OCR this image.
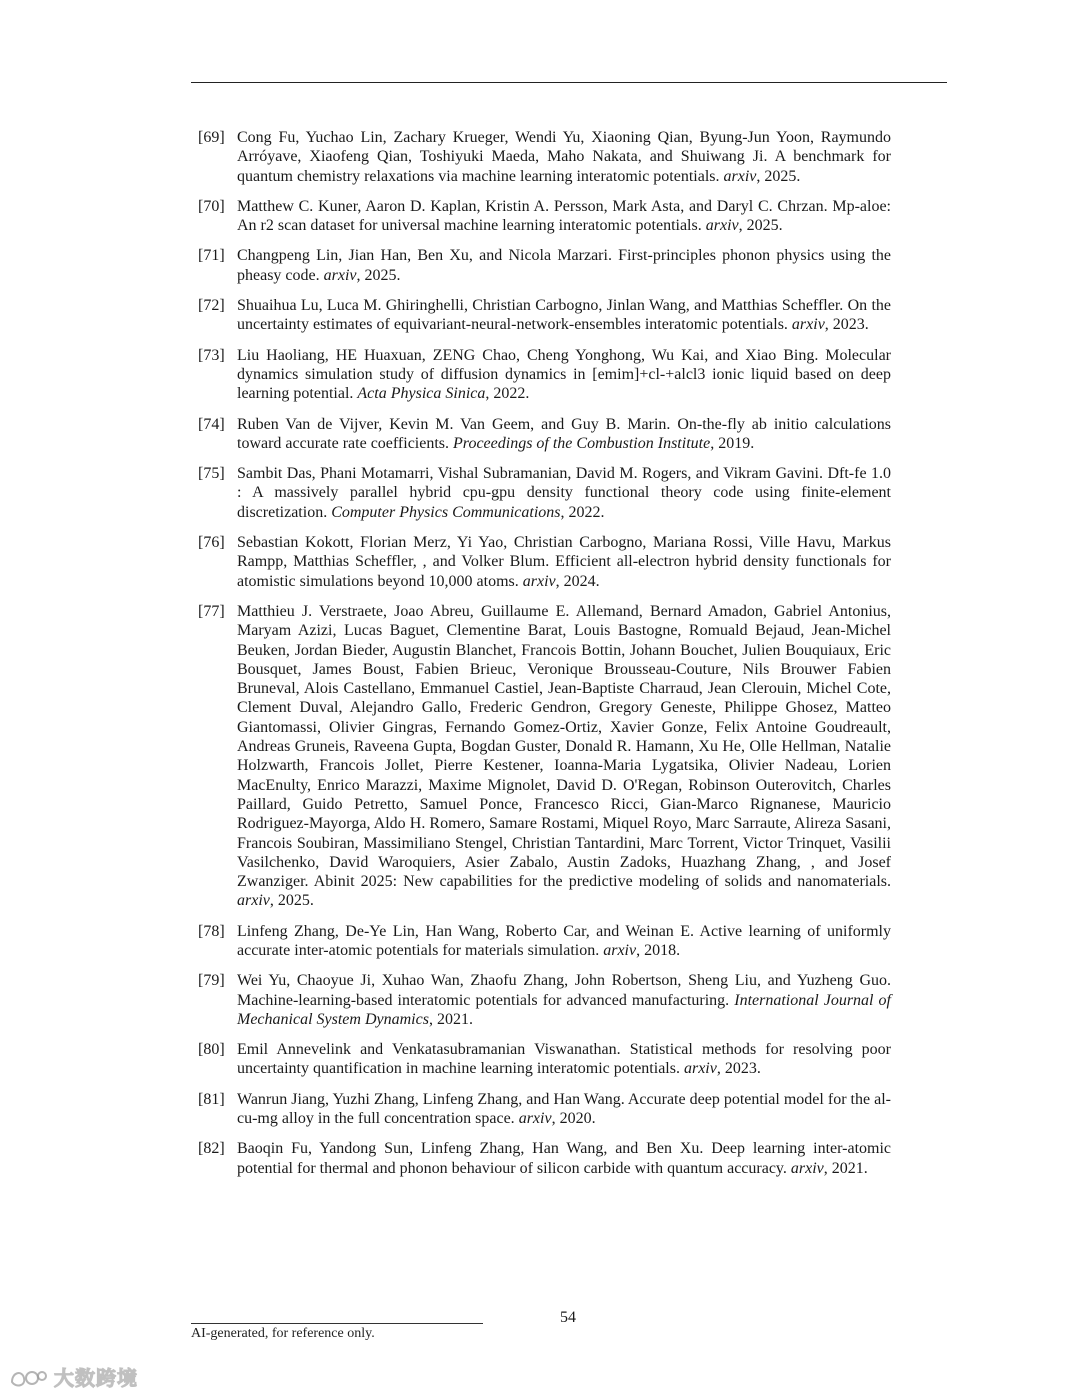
[69] Cong Fu, Yuchao Lin, Zachary Krueger, Wendi Yu, Xiaoning Qian, Byung-Jun Yoon, Raymundo Arróyave, Xiaofeng Qian, Toshiyuki Maeda, Maho Nakata, and Shuiwang Ji. A benchmark for quantum chemistry relaxations via machine learning interatomic potentials. arxiv, 2025.
[70] Matthew C. Kuner, Aaron D. Kaplan, Kristin A. Persson, Mark Asta, and Daryl C. Chrzan. Mp-aloe: An r2 scan dataset for universal machine learning interatomic potentials. arxiv, 2025.
[71] Changpeng Lin, Jian Han, Ben Xu, and Nicola Marzari. First-principles phonon physics using the pheasy code. arxiv, 2025.
[72] Shuaihua Lu, Luca M. Ghiringhelli, Christian Carbogno, Jinlan Wang, and Matthias Scheffler. On the uncertainty estimates of equivariant-neural-network-ensembles interatomic potentials. arxiv, 2023.
[73] Liu Haoliang, HE Huaxuan, ZENG Chao, Cheng Yonghong, Wu Kai, and Xiao Bing. Molecular dynamics simulation study of diffusion dynamics in [emim]+cl-+alcl3 ionic liquid based on deep learning potential. Acta Physica Sinica, 2022.
[74] Ruben Van de Vijver, Kevin M. Van Geem, and Guy B. Marin. On-the-fly ab initio calculations toward accurate rate coefficients. Proceedings of the Combustion Institute, 2019.
[75] Sambit Das, Phani Motamarri, Vishal Subramanian, David M. Rogers, and Vikram Gavini. Dft-fe 1.0 : A massively parallel hybrid cpu-gpu density functional theory code using finite-element discretization. Computer Physics Communications, 2022.
[76] Sebastian Kokott, Florian Merz, Yi Yao, Christian Carbogno, Mariana Rossi, Ville Havu, Markus Rampp, Matthias Scheffler, , and Volker Blum. Efficient all-electron hybrid density functionals for atomistic simulations beyond 10,000 atoms. arxiv, 2024.
[77] Matthieu J. Verstraete, Joao Abreu, Guillaume E. Allemand, Bernard Amadon, Gabriel Antonius, Maryam Azizi, Lucas Baguet, Clementine Barat, Louis Bastogne, Romuald Bejaud, Jean-Michel Beuken, Jordan Bieder, Augustin Blanchet, Francois Bottin, Johann Bouchet, Julien Bouquiaux, Eric Bousquet, James Boust, Fabien Brieuc, Veronique Brousseau-Couture, Nils Brouwer Fabien Bruneval, Alois Castellano, Emmanuel Castiel, Jean-Baptiste Charraud, Jean Clerouin, Michel Cote, Clement Duval, Alejandro Gallo, Frederic Gendron, Gregory Geneste, Philippe Ghosez, Matteo Giantomassi, Olivier Gingras, Fernando Gomez-Ortiz, Xavier Gonze, Felix Antoine Goudreault, Andreas Gruneis, Raveena Gupta, Bogdan Guster, Donald R. Hamann, Xu He, Olle Hellman, Natalie Holzwarth, Francois Jollet, Pierre Kestener, Ioanna-Maria Lygatsika, Olivier Nadeau, Lorien MacEnulty, Enrico Marazzi, Maxime Mignolet, David D. O'Regan, Robinson Outerovitch, Charles Paillard, Guido Petretto, Samuel Ponce, Francesco Ricci, Gian-Marco Rignanese, Mauricio Rodriguez-Mayorga, Aldo H. Romero, Samare Rostami, Miquel Royo, Marc Sarraute, Alireza Sasani, Francois Soubiran, Massimiliano Stengel, Christian Tantardini, Marc Torrent, Victor Trinquet, Vasilii Vasilchenko, David Waroquiers, Asier Zabalo, Austin Zadoks, Huazhang Zhang, , and Josef Zwanziger. Abinit 2025: New capabilities for the predictive modeling of solids and nanomaterials. arxiv, 2025.
[78] Linfeng Zhang, De-Ye Lin, Han Wang, Roberto Car, and Weinan E. Active learning of uniformly accurate inter-atomic potentials for materials simulation. arxiv, 2018.
[79] Wei Yu, Chaoyue Ji, Xuhao Wan, Zhaofu Zhang, John Robertson, Sheng Liu, and Yuzheng Guo. Machine-learning-based interatomic potentials for advanced manufacturing. International Journal of Mechanical System Dynamics, 2021.
[80] Emil Annevelink and Venkatasubramanian Viswanathan. Statistical methods for resolving poor uncertainty quantification in machine learning interatomic potentials. arxiv, 2023.
[81] Wanrun Jiang, Yuzhi Zhang, Linfeng Zhang, and Han Wang. Accurate deep potential model for the al-cu-mg alloy in the full concentration space. arxiv, 2020.
[82] Baoqin Fu, Yandong Sun, Linfeng Zhang, Han Wang, and Ben Xu. Deep learning inter-atomic potential for thermal and phonon behaviour of silicon carbide with quantum accuracy. arxiv, 2021.
54
AI-generated, for reference only.
大数跨境
